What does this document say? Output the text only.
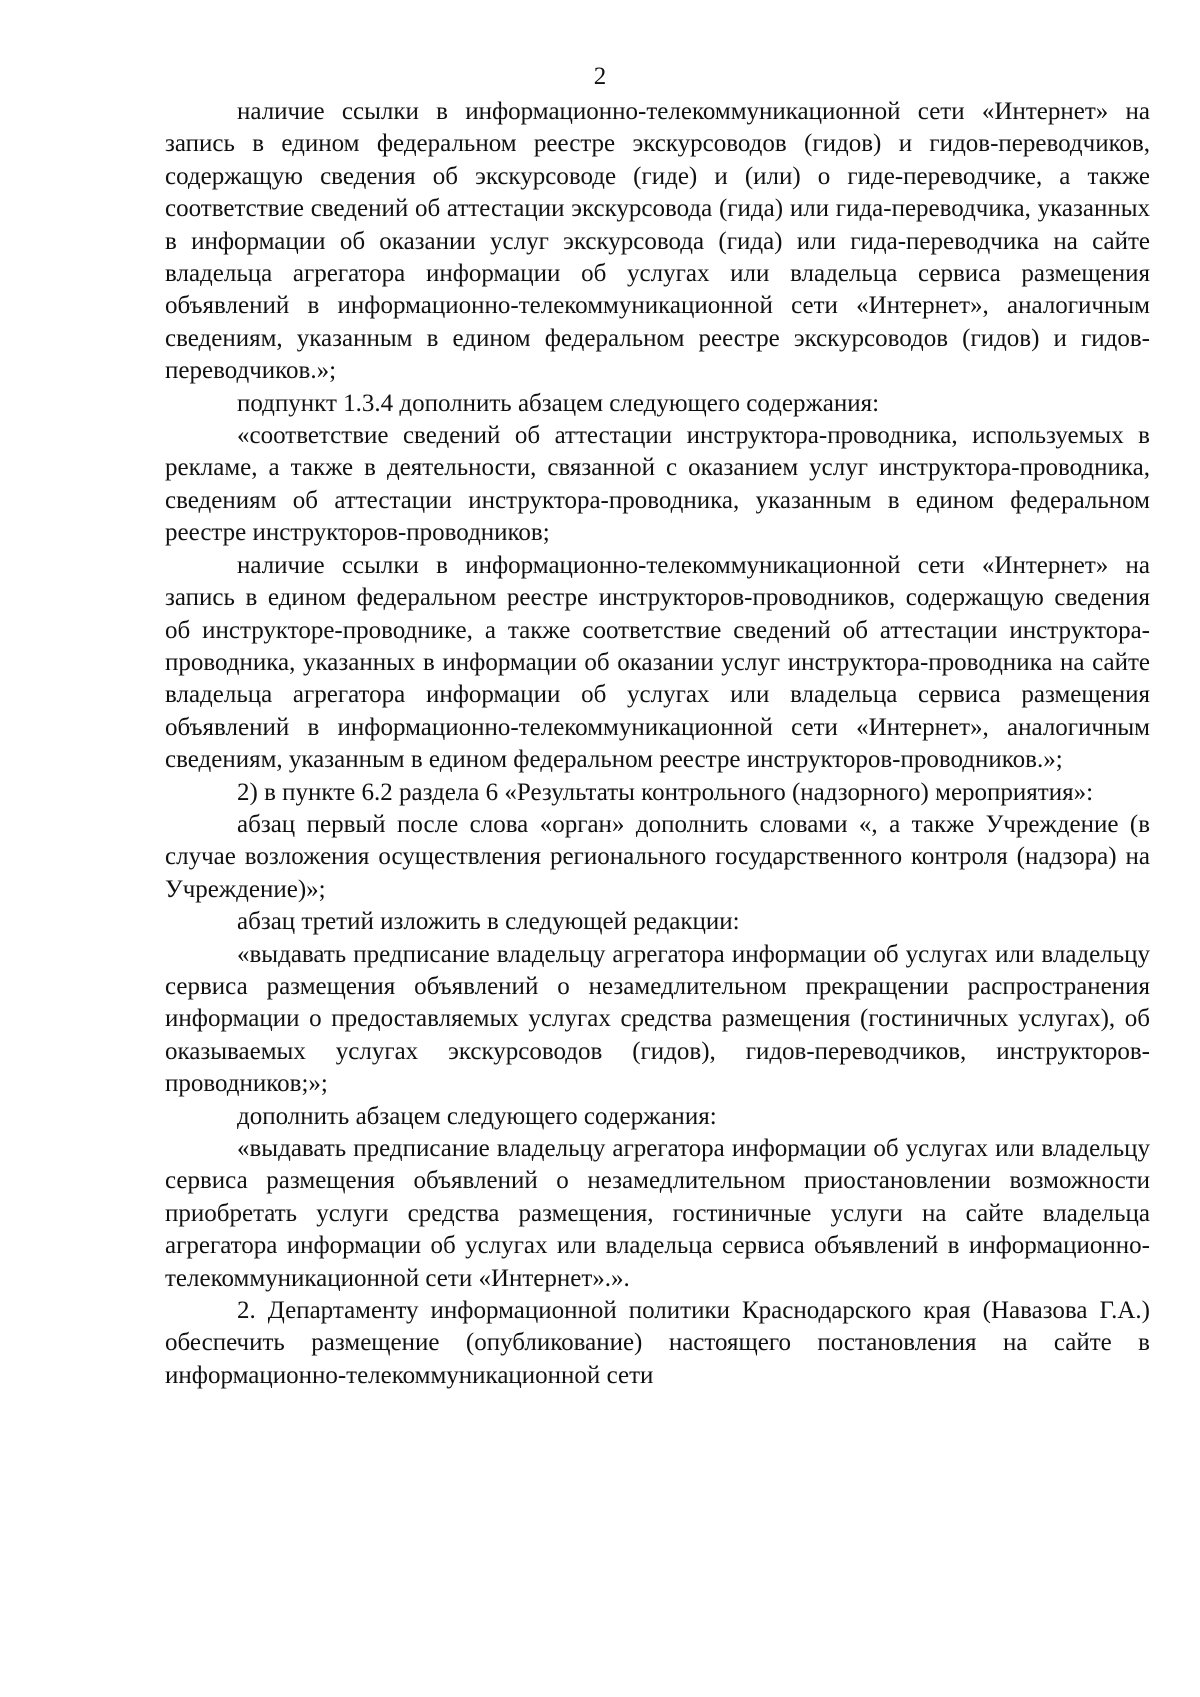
2

наличие ссылки в информационно-телекоммуникационной сети «Интернет» на запись в едином федеральном реестре экскурсоводов (гидов) и гидов-переводчиков, содержащую сведения об экскурсоводе (гиде) и (или) о гиде-переводчике, а также соответствие сведений об аттестации экскурсовода (гида) или гида-переводчика, указанных в информации об оказании услуг экскурсовода (гида) или гида-переводчика на сайте владельца агрегатора информации об услугах или владельца сервиса размещения объявлений в информационно-телекоммуникационной сети «Интернет», аналогичным сведениям, указанным в едином федеральном реестре экскурсоводов (гидов) и гидов-переводчиков.»;

подпункт 1.3.4 дополнить абзацем следующего содержания:

«соответствие сведений об аттестации инструктора-проводника, используемых в рекламе, а также в деятельности, связанной с оказанием услуг инструктора-проводника, сведениям об аттестации инструктора-проводника, указанным в едином федеральном реестре инструкторов-проводников;

наличие ссылки в информационно-телекоммуникационной сети «Интернет» на запись в едином федеральном реестре инструкторов-проводников, содержащую сведения об инструкторе-проводнике, а также соответствие сведений об аттестации инструктора-проводника, указанных в информации об оказании услуг инструктора-проводника на сайте владельца агрегатора информации об услугах или владельца сервиса размещения объявлений в информационно-телекоммуникационной сети «Интернет», аналогичным сведениям, указанным в едином федеральном реестре инструкторов-проводников.»;

2) в пункте 6.2 раздела 6 «Результаты контрольного (надзорного) мероприятия»:

абзац первый после слова «орган» дополнить словами «, а также Учреждение (в случае возложения осуществления регионального государственного контроля (надзора) на Учреждение)»;

абзац третий изложить в следующей редакции:

«выдавать предписание владельцу агрегатора информации об услугах или владельцу сервиса размещения объявлений о незамедлительном прекращении распространения информации о предоставляемых услугах средства размещения (гостиничных услугах), об оказываемых услугах экскурсоводов (гидов), гидов-переводчиков, инструкторов-проводников;»;

дополнить абзацем следующего содержания:

«выдавать предписание владельцу агрегатора информации об услугах или владельцу сервиса размещения объявлений о незамедлительном приостановлении возможности приобретать услуги средства размещения, гостиничные услуги на сайте владельца агрегатора информации об услугах или владельца сервиса объявлений в информационно-телекоммуникационной сети «Интернет».».

2. Департаменту информационной политики Краснодарского края (Навазова Г.А.) обеспечить размещение (опубликование) настоящего постановления на сайте в информационно-телекоммуникационной сети
